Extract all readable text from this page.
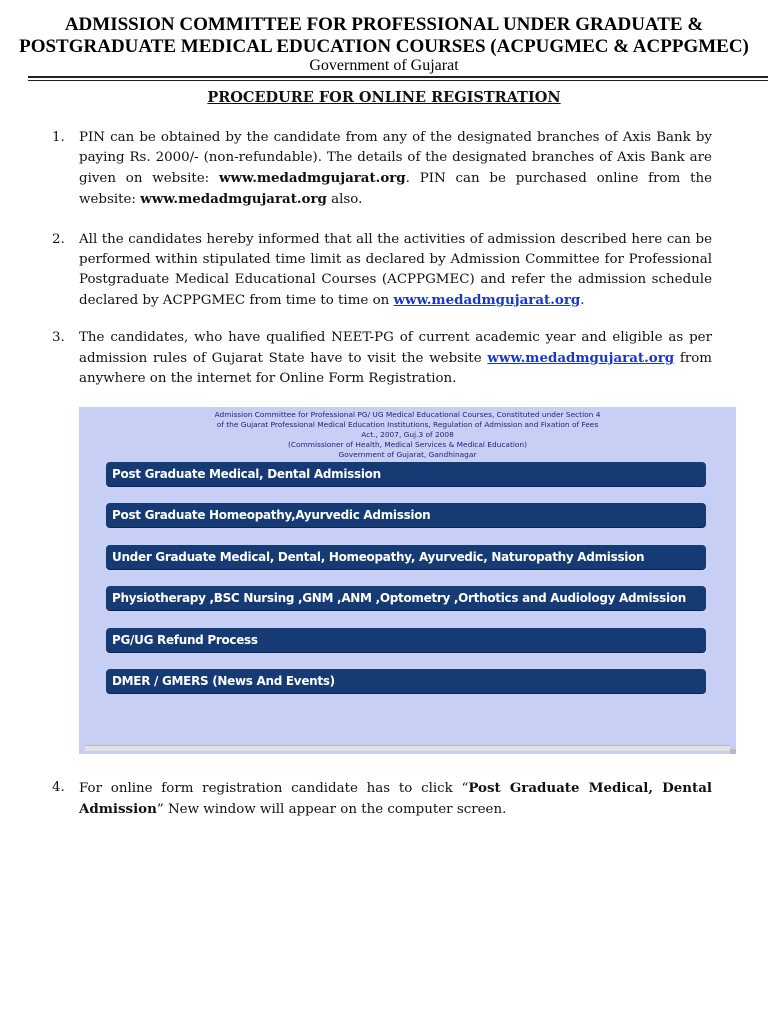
ADMISSION COMMITTEE FOR PROFESSIONAL UNDER GRADUATE &
POSTGRADUATE MEDICAL EDUCATION COURSES (ACPUGMEC & ACPPGMEC)
Government of Gujarat
PROCEDURE FOR ONLINE REGISTRATION
1. PIN can be obtained by the candidate from any of the designated branches of Axis Bank by paying Rs. 2000/- (non-refundable). The details of the designated branches of Axis Bank are given on website: www.medadmgujarat.org. PIN can be purchased online from the website: www.medadmgujarat.org also.
2. All the candidates hereby informed that all the activities of admission described here can be performed within stipulated time limit as declared by Admission Committee for Professional Postgraduate Medical Educational Courses (ACPPGMEC) and refer the admission schedule declared by ACPPGMEC from time to time on www.medadmgujarat.org.
3. The candidates, who have qualified NEET-PG of current academic year and eligible as per admission rules of Gujarat State have to visit the website www.medadmgujarat.org from anywhere on the internet for Online Form Registration.
Admission Committee for Professional PG/ UG Medical Educational Courses, Constituted under Section 4
of the Gujarat Professional Medical Education Institutions, Regulation of Admission and Fixation of Fees
Act., 2007, Guj.3 of 2008
(Commissioner of Health, Medical Services & Medical Education)
Government of Gujarat, Gandhinagar
Post Graduate Medical, Dental Admission
Post Graduate Homeopathy,Ayurvedic Admission
Under Graduate Medical, Dental, Homeopathy, Ayurvedic, Naturopathy Admission
Physiotherapy ,BSC Nursing ,GNM ,ANM ,Optometry ,Orthotics and Audiology Admission
PG/UG Refund Process
DMER / GMERS (News And Events)
4. For online form registration candidate has to click “Post Graduate Medical, Dental Admission” New window will appear on the computer screen.
